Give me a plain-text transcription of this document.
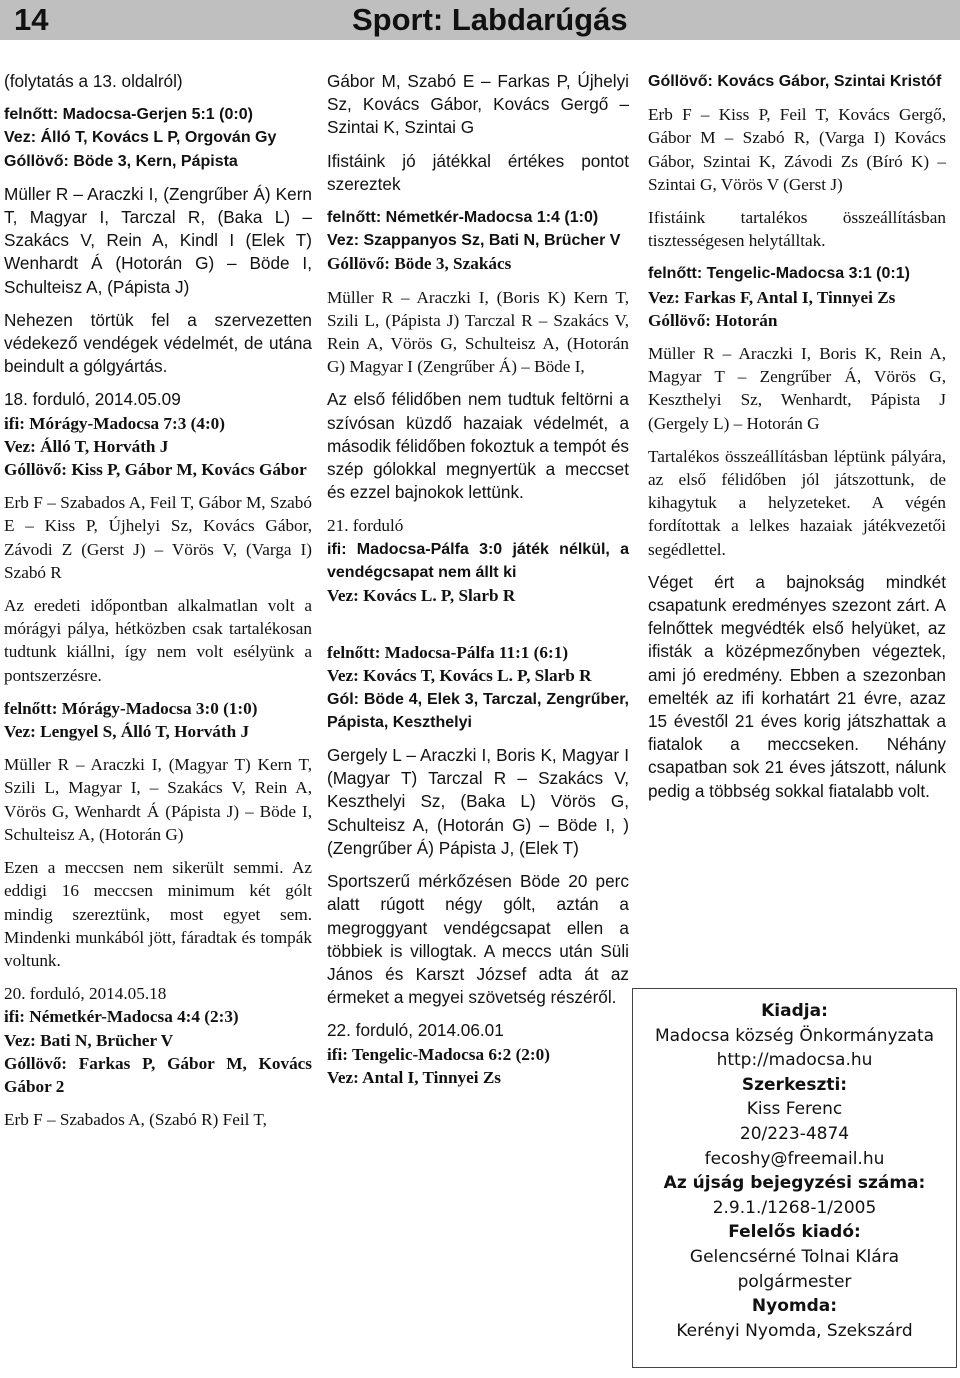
14	Sport: Labdarúgás

(folytatás a 13. oldalról)

felnőtt: Madocsa-Gerjen 5:1 (0:0)
Vez: Álló T, Kovács L P, Orgován Gy
Góllövő: Böde 3, Kern, Pápista

Müller R – Araczki I, (Zengrűber Á) Kern T, Magyar I, Tarczal R, (Baka L) – Szakács V, Rein A, Kindl I (Elek T) Wenhardt Á (Hotorán G) – Böde I, Schulteisz A, (Pápista J)

Nehezen törtük fel a szervezetten védekező vendégek védelmét, de utána beindult a gólgyártás.

18. forduló, 2014.05.09
ifi: Mórágy-Madocsa 7:3 (4:0)
Vez: Álló T, Horváth J
Góllövő: Kiss P, Gábor M, Kovács Gábor

Erb F – Szabados A, Feil T, Gábor M, Szabó E – Kiss P, Újhelyi Sz, Kovács Gábor, Závodi Z (Gerst J) – Vörös V, (Varga I) Szabó R

Az eredeti időpontban alkalmatlan volt a mórágyi pálya, hétközben csak tartalékosan tudtunk kiállni, így nem volt esélyünk a pontszerzésre.

felnőtt: Mórágy-Madocsa 3:0 (1:0)
Vez: Lengyel S, Álló T, Horváth J

Müller R – Araczki I, (Magyar T) Kern T, Szili L, Magyar I, – Szakács V, Rein A, Vörös G, Wenhardt Á (Pápista J) – Böde I, Schulteisz A, (Hotorán G)

Ezen a meccsen nem sikerült semmi. Az eddigi 16 meccsen minimum két gólt mindig szereztünk, most egyet sem. Mindenki munkából jött, fáradtak és tompák voltunk.

20. forduló, 2014.05.18
ifi: Németkér-Madocsa 4:4 (2:3)
Vez: Bati N, Brücher V
Góllövő: Farkas P, Gábor M, Kovács Gábor 2

Erb F – Szabados A, (Szabó R) Feil T,

Gábor M, Szabó E – Farkas P, Újhelyi Sz, Kovács Gábor, Kovács Gergő – Szintai K, Szintai G

Ifistáink jó játékkal értékes pontot szereztek

felnőtt: Németkér-Madocsa 1:4 (1:0)
Vez: Szappanyos Sz, Bati N, Brücher V
Góllövő: Böde 3, Szakács

Müller R – Araczki I, (Boris K) Kern T, Szili L, (Pápista J) Tarczal R – Szakács V, Rein A, Vörös G, Schulteisz A, (Hotorán G) Magyar I (Zengrűber Á) – Böde I,

Az első félidőben nem tudtuk feltörni a szívósan küzdő hazaiak védelmét, a második félidőben fokoztuk a tempót és szép gólokkal megnyertük a meccset és ezzel bajnokok lettünk.

21. forduló
ifi: Madocsa-Pálfa 3:0 játék nélkül, a vendégcsapat nem állt ki
Vez: Kovács L. P, Slarb R

felnőtt: Madocsa-Pálfa 11:1 (6:1)
Vez: Kovács T, Kovács L. P, Slarb R
Gól: Böde 4, Elek 3, Tarczal, Zengrűber, Pápista, Keszthelyi

Gergely L – Araczki I, Boris K, Magyar I (Magyar T) Tarczal R – Szakács V, Keszthelyi Sz, (Baka L) Vörös G, Schulteisz A, (Hotorán G) – Böde I, ) (Zengrűber Á) Pápista J, (Elek T)

Sportszerű mérkőzésen Böde 20 perc alatt rúgott négy gólt, aztán a megroggyant vendégcsapat ellen a többiek is villogtak. A meccs után Süli János és Karszt József adta át az érmeket a megyei szövetség részéről.

22. forduló, 2014.06.01
ifi: Tengelic-Madocsa 6:2 (2:0)
Vez: Antal I, Tinnyei Zs

Góllövő: Kovács Gábor, Szintai Kristóf

Erb F – Kiss P, Feil T, Kovács Gergő, Gábor M – Szabó R, (Varga I) Kovács Gábor, Szintai K, Závodi Zs (Bíró K) – Szintai G, Vörös V (Gerst J)

Ifistáink tartalékos összeállításban tisztességesen helytálltak.

felnőtt: Tengelic-Madocsa 3:1 (0:1)
Vez: Farkas F, Antal I, Tinnyei Zs
Góllövő: Hotorán

Müller R – Araczki I, Boris K, Rein A, Magyar T – Zengrűber Á, Vörös G, Keszthelyi Sz, Wenhardt, Pápista J (Gergely L) – Hotorán G

Tartalékos összeállításban léptünk pályára, az első félidőben jól játszottunk, de kihagytuk a helyzeteket. A végén fordítottak a lelkes hazaiak játékvezetői segédlettel.

Véget ért a bajnokság mindkét csapatunk eredményes szezont zárt. A felnőttek megvédték első helyüket, az ifisták a középmezőnyben végeztek, ami jó eredmény. Ebben a szezonban emelték az ifi korhatárt 21 évre, azaz 15 évestől 21 éves korig játszhattak a fiatalok a meccseken. Néhány csapatban sok 21 éves játszott, nálunk pedig a többség sokkal fiatalabb volt.

Kiadja:
Madocsa község Önkormányzata
http://madocsa.hu
Szerkeszti:
Kiss Ferenc
20/223-4874
fecoshy@freemail.hu
Az újság bejegyzési száma:
2.9.1./1268-1/2005
Felelős kiadó:
Gelencsérné Tolnai Klára
polgármester
Nyomda:
Kerényi Nyomda, Szekszárd
